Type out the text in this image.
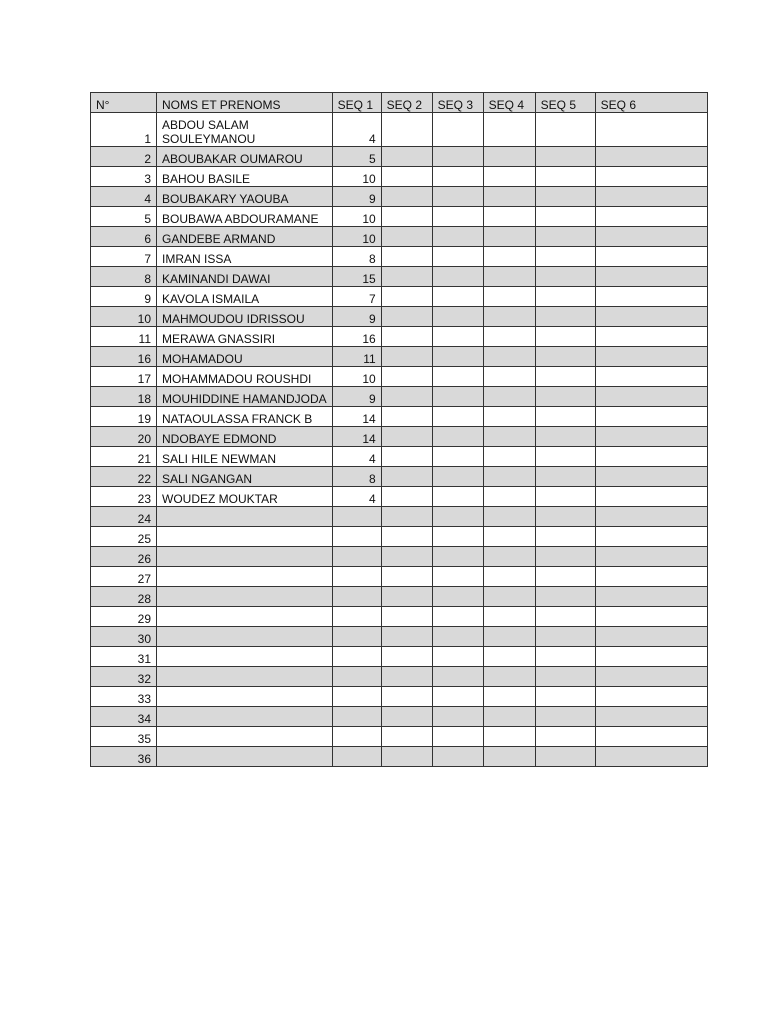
N°	NOMS ET PRENOMS	SEQ 1	SEQ 2	SEQ 3	SEQ 4	SEQ 5	SEQ 6
1	ABDOU SALAM SOULEYMANOU	4					
2	ABOUBAKAR OUMAROU	5					
3	BAHOU BASILE	10					
4	BOUBAKARY YAOUBA	9					
5	BOUBAWA ABDOURAMANE	10					
6	GANDEBE ARMAND	10					
7	IMRAN ISSA	8					
8	KAMINANDI DAWAI	15					
9	KAVOLA ISMAILA	7					
10	MAHMOUDOU IDRISSOU	9					
11	MERAWA GNASSIRI	16					
16	MOHAMADOU	11					
17	MOHAMMADOU ROUSHDI	10					
18	MOUHIDDINE HAMANDJODA	9					
19	NATAOULASSA FRANCK B	14					
20	NDOBAYE EDMOND	14					
21	SALI HILE NEWMAN	4					
22	SALI NGANGAN	8					
23	WOUDEZ MOUKTAR	4					
24							
25							
26							
27							
28							
29							
30							
31							
32							
33							
34							
35							
36							
